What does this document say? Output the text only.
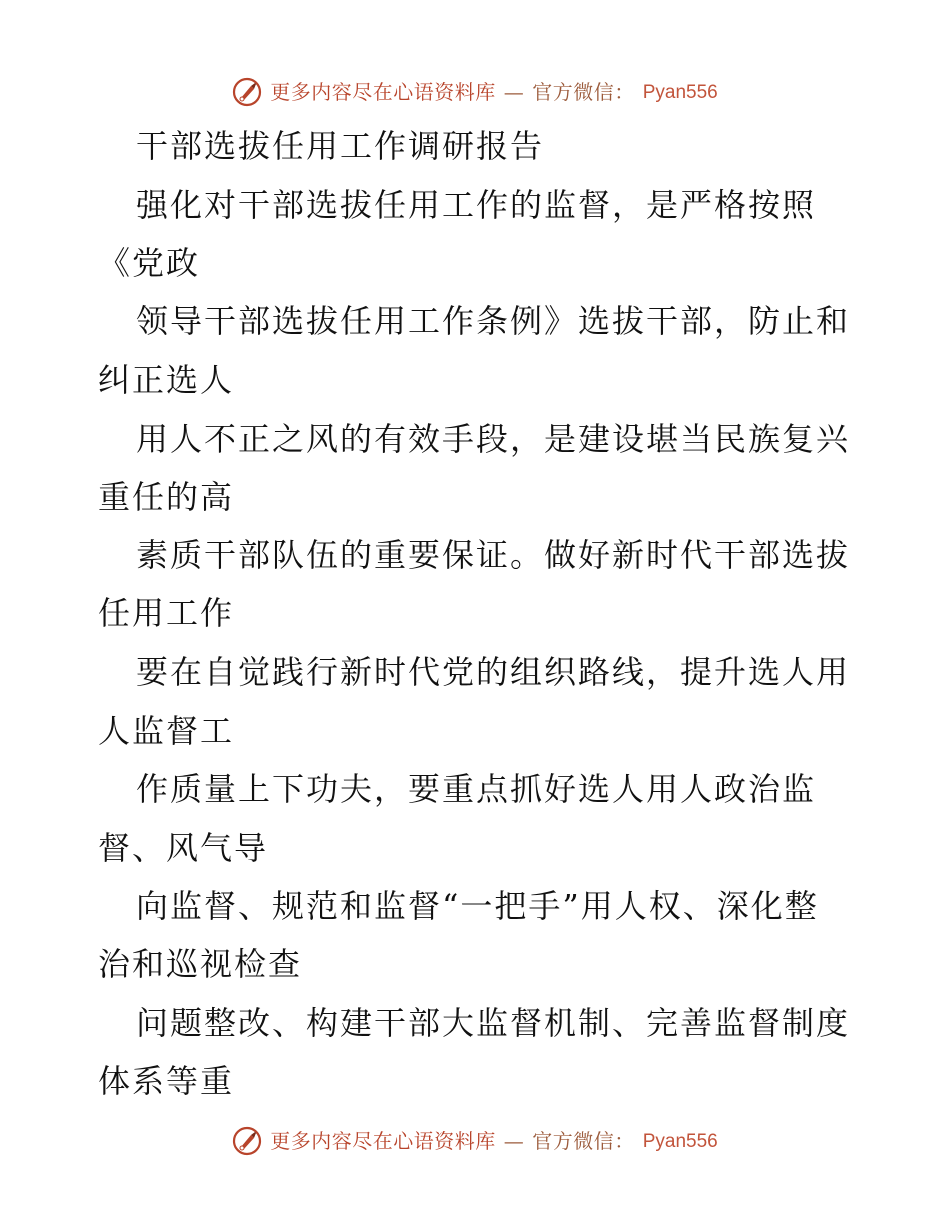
更多内容尽在心语资料库 — 官方微信： Pyan556
干部选拔任用工作调研报告
强化对干部选拔任用工作的监督，是严格按照
《党政
领导干部选拔任用工作条例》选拔干部，防止和
纠正选人
用人不正之风的有效手段，是建设堪当民族复兴
重任的高
素质干部队伍的重要保证。做好新时代干部选拔
任用工作
要在自觉践行新时代党的组织路线，提升选人用
人监督工
作质量上下功夫，要重点抓好选人用人政治监
督、风气导
向监督、规范和监督“一把手”用人权、深化整
治和巡视检查
问题整改、构建干部大监督机制、完善监督制度
体系等重
更多内容尽在心语资料库 — 官方微信： Pyan556
